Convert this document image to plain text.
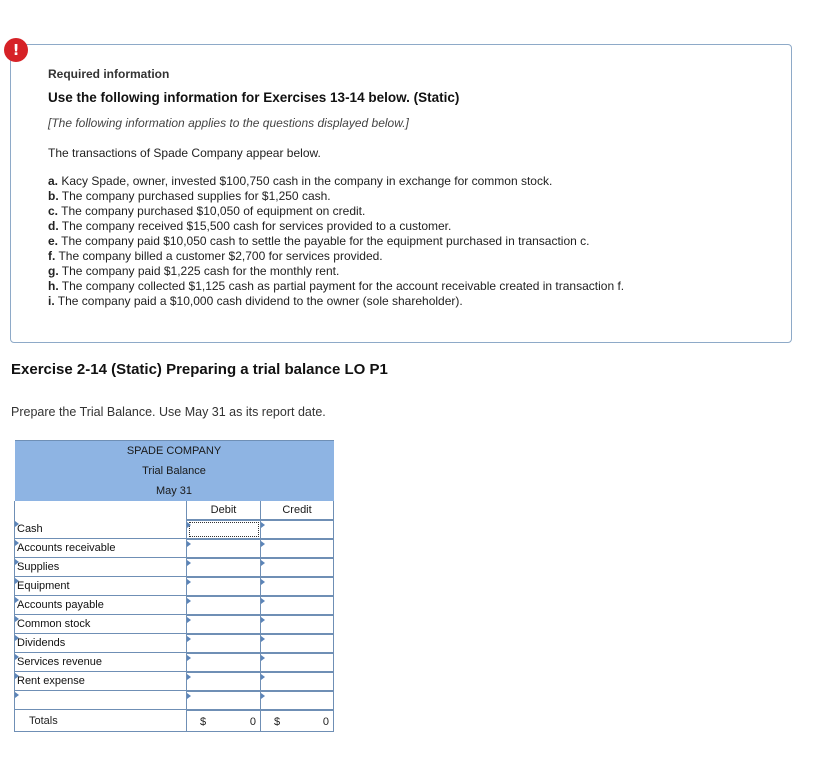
!
Required information
Use the following information for Exercises 13-14 below. (Static)
[The following information applies to the questions displayed below.]
The transactions of Spade Company appear below.
a. Kacy Spade, owner, invested $100,750 cash in the company in exchange for common stock.
b. The company purchased supplies for $1,250 cash.
c. The company purchased $10,050 of equipment on credit.
d. The company received $15,500 cash for services provided to a customer.
e. The company paid $10,050 cash to settle the payable for the equipment purchased in transaction c.
f. The company billed a customer $2,700 for services provided.
g. The company paid $1,225 cash for the monthly rent.
h. The company collected $1,125 cash as partial payment for the account receivable created in transaction f.
i. The company paid a $10,000 cash dividend to the owner (sole shareholder).
Exercise 2-14 (Static) Preparing a trial balance LO P1
Prepare the Trial Balance. Use May 31 as its report date.
SPADE COMPANY		
Trial Balance		
May 31		
	Debit	Credit

Cash	

Accounts receivable	

Supplies	

Equipment	

Accounts payable	

Common stock	

Dividends	

Services revenue	

Rent expense	

Totals	$ 0	$ 0
